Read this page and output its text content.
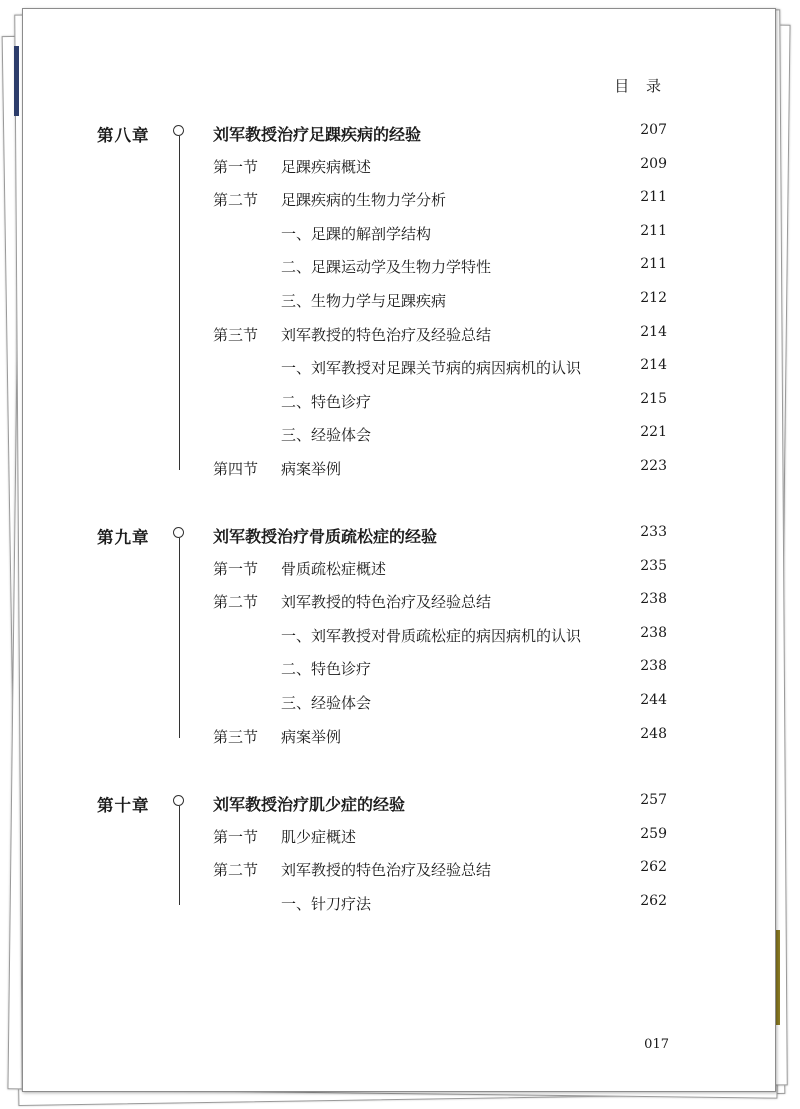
目 录
第八章	刘军教授治疗足踝疾病的经验	207
第一节 足踝疾病概述	209
第二节 足踝疾病的生物力学分析	211
一、足踝的解剖学结构	211
二、足踝运动学及生物力学特性	211
三、生物力学与足踝疾病	212
第三节 刘军教授的特色治疗及经验总结	214
一、刘军教授对足踝关节病的病因病机的认识	214
二、特色诊疗	215
三、经验体会	221
第四节 病案举例	223
第九章	刘军教授治疗骨质疏松症的经验	233
第一节 骨质疏松症概述	235
第二节 刘军教授的特色治疗及经验总结	238
一、刘军教授对骨质疏松症的病因病机的认识	238
二、特色诊疗	238
三、经验体会	244
第三节 病案举例	248
第十章	刘军教授治疗肌少症的经验	257
第一节 肌少症概述	259
第二节 刘军教授的特色治疗及经验总结	262
一、针刀疗法	262
017
